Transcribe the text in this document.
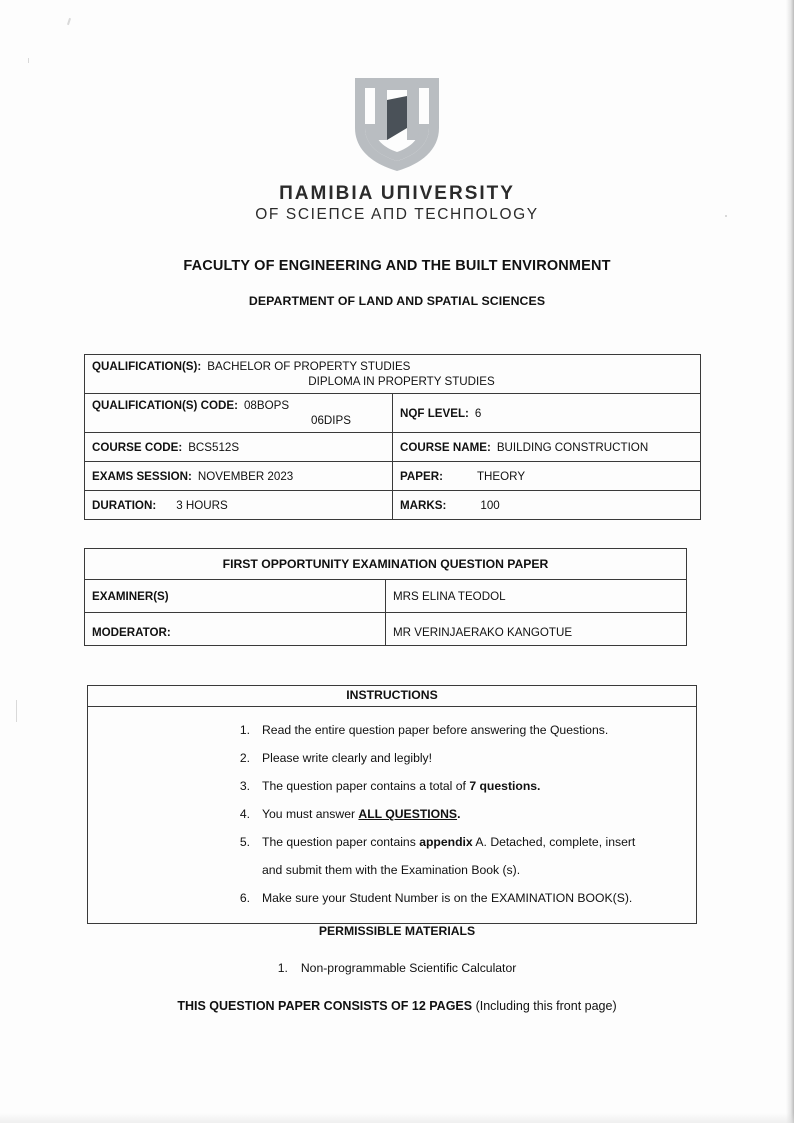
ΠAMIBIA UΠIVERSITY
OF SCIEΠCE AΠD TECHΠOLOGY
FACULTY OF ENGINEERING AND THE BUILT ENVIRONMENT
DEPARTMENT OF LAND AND SPATIAL SCIENCES
QUALIFICATION(S): BACHELOR OF PROPERTY STUDIES
DIPLOMA IN PROPERTY STUDIES	

QUALIFICATION(S) CODE: 08BOPS
06DIPS	NQF LEVEL: 6
COURSE CODE: BCS512S	COURSE NAME: BUILDING CONSTRUCTION
EXAMS SESSION: NOVEMBER 2023	PAPER: THEORY
DURATION: 3 HOURS	MARKS: 100
FIRST OPPORTUNITY EXAMINATION QUESTION PAPER	
EXAMINER(S)	MRS ELINA TEODOL
MODERATOR:	MR VERINJAERAKO KANGOTUE
INSTRUCTIONS
1. Read the entire question paper before answering the Questions.
2. Please write clearly and legibly!
3. The question paper contains a total of 7 questions.
4. You must answer ALL QUESTIONS.
5. The question paper contains appendix A. Detached, complete, insert
and submit them with the Examination Book (s).
6. Make sure your Student Number is on the EXAMINATION BOOK(S).
PERMISSIBLE MATERIALS
1. Non-programmable Scientific Calculator
THIS QUESTION PAPER CONSISTS OF 12 PAGES (Including this front page)
